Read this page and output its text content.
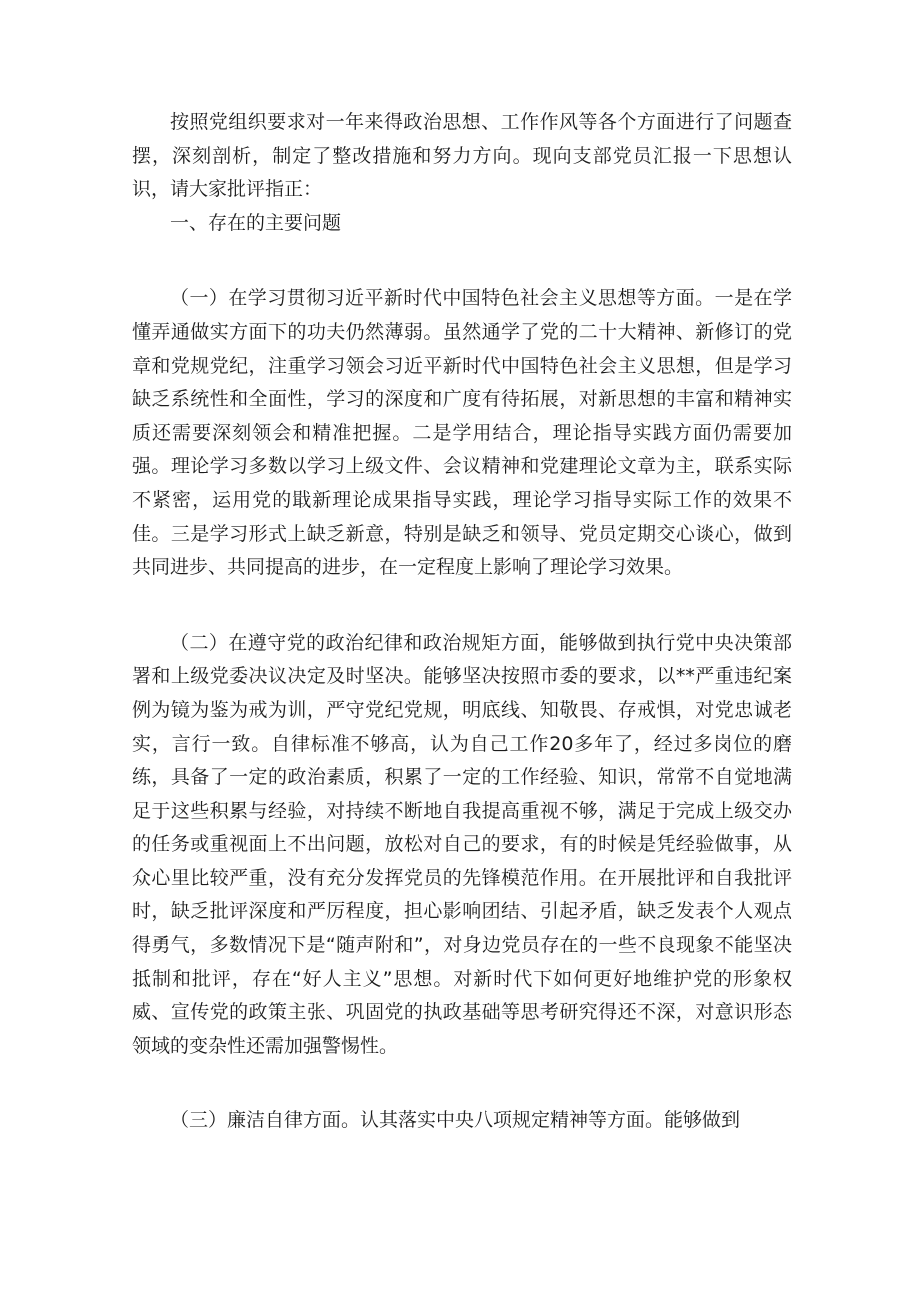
按照党组织要求对一年来得政治思想、工作作风等各个方面进行了问题查摆，深刻剖析，制定了整改措施和努力方向。现向支部党员汇报一下思想认识，请大家批评指正：

一、存在的主要问题

（一）在学习贯彻习近平新时代中国特色社会主义思想等方面。一是在学懂弄通做实方面下的功夫仍然薄弱。虽然通学了党的二十大精神、新修订的党章和党规党纪，注重学习领会习近平新时代中国特色社会主义思想，但是学习缺乏系统性和全面性，学习的深度和广度有待拓展，对新思想的丰富和精神实质还需要深刻领会和精准把握。二是学用结合，理论指导实践方面仍需要加强。理论学习多数以学习上级文件、会议精神和党建理论文章为主，联系实际不紧密，运用党的戢新理论成果指导实践，理论学习指导实际工作的效果不佳。三是学习形式上缺乏新意，特别是缺乏和领导、党员定期交心谈心，做到共同进步、共同提高的进步，在一定程度上影响了理论学习效果。

（二）在遵守党的政治纪律和政治规矩方面，能够做到执行党中央决策部署和上级党委决议决定及时坚决。能够坚决按照市委的要求，以**严重违纪案例为镜为鉴为戒为训，严守党纪党规，明底线、知敬畏、存戒惧，对党忠诚老实，言行一致。自律标准不够高，认为自己工作20多年了，经过多岗位的磨练，具备了一定的政治素质，积累了一定的工作经验、知识，常常不自觉地满足于这些积累与经验，对持续不断地自我提高重视不够，满足于完成上级交办的任务或重视面上不出问题，放松对自己的要求，有的时候是凭经验做事，从众心里比较严重，没有充分发挥党员的先锋模范作用。在开展批评和自我批评时，缺乏批评深度和严厉程度，担心影响团结、引起矛盾，缺乏发表个人观点得勇气，多数情况下是“随声附和”，对身边党员存在的一些不良现象不能坚决抵制和批评，存在“好人主义”思想。对新时代下如何更好地维护党的形象权威、宣传党的政策主张、巩固党的执政基础等思考研究得还不深，对意识形态领域的变杂性还需加强警惕性。

（三）廉洁自律方面。认其落实中央八项规定精神等方面。能够做到
